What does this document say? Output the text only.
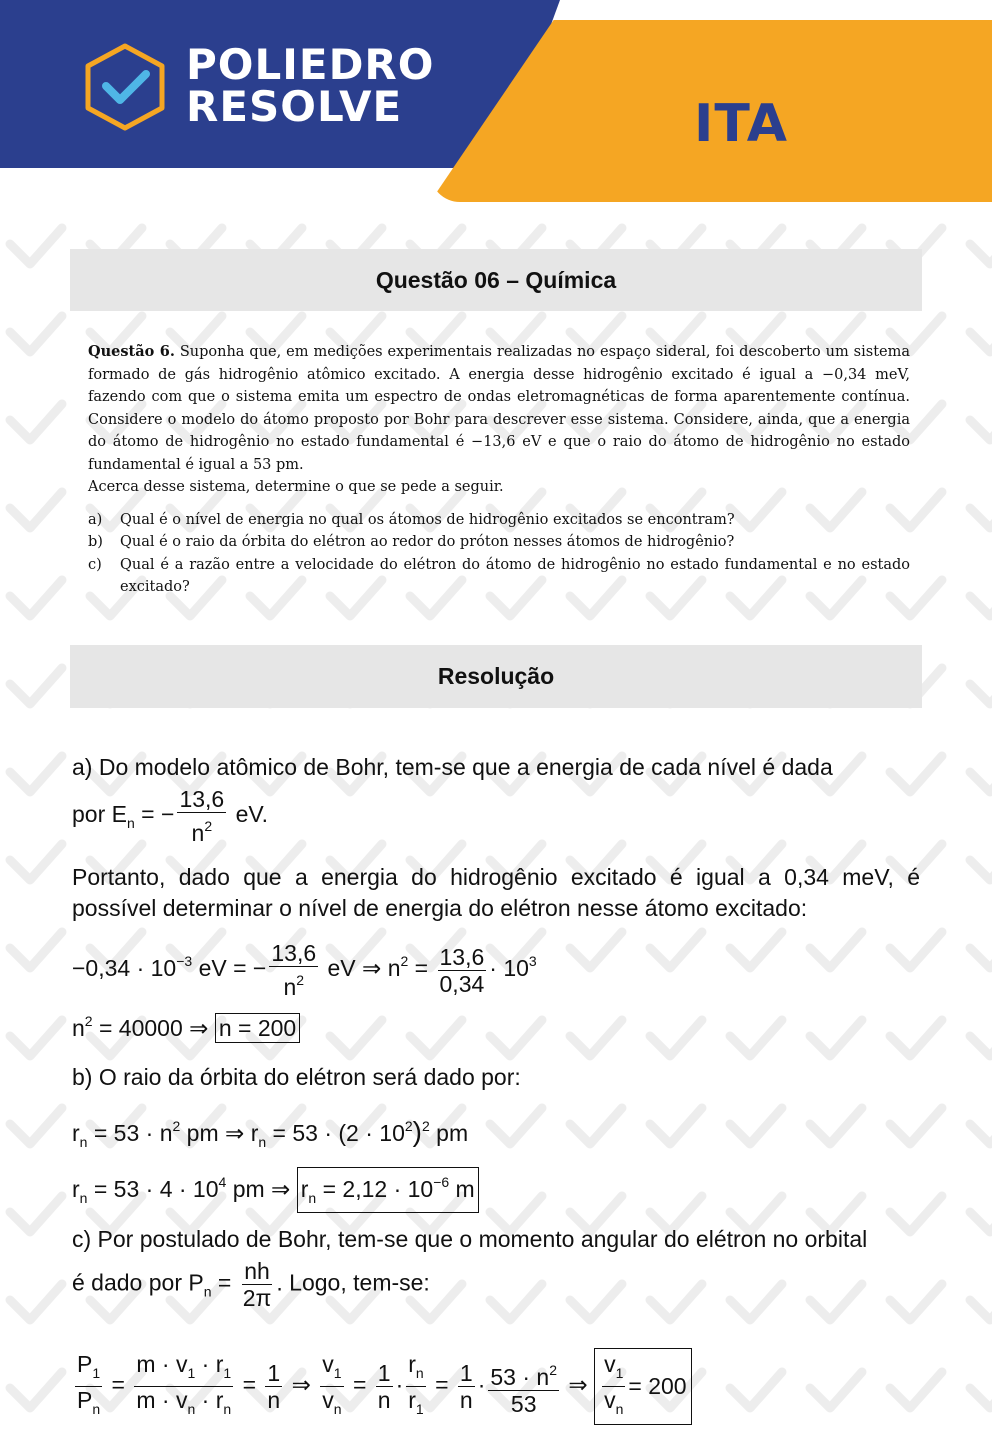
POLIEDRO
RESOLVE	ITA
Questão 06 – Química
Questão 6. Suponha que, em medições experimentais realizadas no espaço sideral, foi descoberto um sistema formado de gás hidrogênio atômico excitado. A energia desse hidrogênio excitado é igual a −0,34 meV, fazendo com que o sistema emita um espectro de ondas eletromagnéticas de forma aparentemente contínua. Considere o modelo do átomo proposto por Bohr para descrever esse sistema. Considere, ainda, que a energia do átomo de hidrogênio no estado fundamental é −13,6 eV e que o raio do átomo de hidrogênio no estado fundamental é igual a 53 pm.
Acerca desse sistema, determine o que se pede a seguir.
a)	Qual é o nível de energia no qual os átomos de hidrogênio excitados se encontram?
b)	Qual é o raio da órbita do elétron ao redor do próton nesses átomos de hidrogênio?
c)	Qual é a razão entre a velocidade do elétron do átomo de hidrogênio no estado fundamental e no estado excitado?
Resolução
a) Do modelo atômico de Bohr, tem-se que a energia de cada nível é dada
por $E_n$ = − $\frac{13,6}{n^2}$ eV.
Portanto, dado que a energia do hidrogênio excitado é igual a 0,34 meV, é possível determinar o nível de energia do elétron nesse átomo excitado:
$-0,34 \cdot 10^{-3}$ eV = − $\frac{13,6}{n^2}$ eV ⇒ $n^2 = \frac{13,6}{0,34} \cdot 10^3$
$n^2 = 40000$ ⇒ n = 200
b) O raio da órbita do elétron será dado por:
$r_n = 53 \cdot n^2$ pm ⇒ $r_n = 53 \cdot (2 \cdot 10^2)^2$ pm
$r_n = 53 \cdot 4 \cdot 10^4$ pm ⇒ $r_n = 2,12 \cdot 10^{-6}$ m
c) Por postulado de Bohr, tem-se que o momento angular do elétron no orbital
é dado por $P_n = \frac{nh}{2\pi}$ . Logo, tem-se:
$\frac{P_1}{P_n} = \frac{m \cdot v_1 \cdot r_1}{m \cdot v_n \cdot r_n} = \frac{1}{n}$ ⇒ $\frac{v_1}{v_n} = \frac{1}{n} \cdot \frac{r_n}{r_1} = \frac{1}{n} \cdot \frac{53 \cdot n^2}{53}$ ⇒ $\frac{v_1}{v_n} = 200$
